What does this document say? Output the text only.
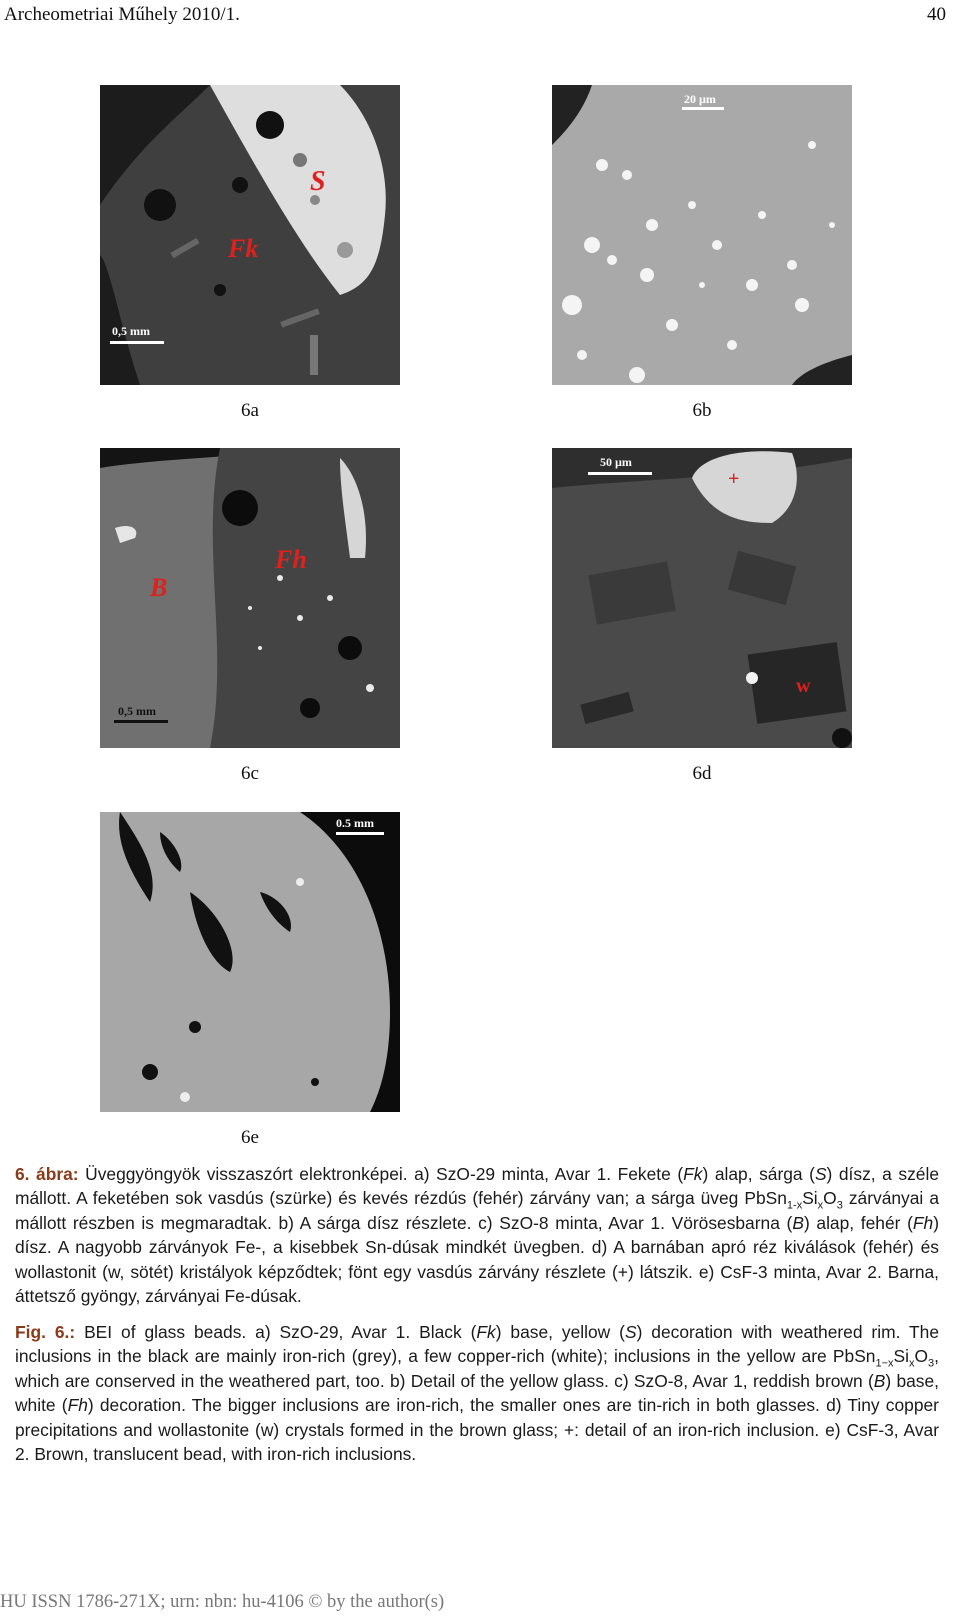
Archeometriai Műhely 2010/1.	40
S
Fk
0,5 mm
6a
20 µm
6b
B
Fh
0,5 mm
6c
+
w
50 µm
6d
0.5 mm
6e

6. ábra: Üveggyöngyök visszaszórt elektronképei. a) SzO-29 minta, Avar 1. Fekete (Fk) alap, sárga (S) dísz, a széle mállott. A feketében sok vasdús (szürke) és kevés rézdús (fehér) zárvány van; a sárga üveg $PbSn_{1-x}Si_xO_3$ zárványai a mállott részben is megmaradtak. b) A sárga dísz részlete. c) SzO-8 minta, Avar 1. Vörösesbarna (B) alap, fehér (Fh) dísz. A nagyobb zárványok Fe-, a kisebbek Sn-dúsak mindkét üvegben. d) A barnában apró réz kiválások (fehér) és wollastonit (w, sötét) kristályok képződtek; fönt egy vasdús zárvány részlete (+) látszik. e) CsF-3 minta, Avar 2. Barna, áttetsző gyöngy, zárványai Fe-dúsak.

Fig. 6.: BEI of glass beads. a) SzO-29, Avar 1. Black (Fk) base, yellow (S) decoration with weathered rim. The inclusions in the black are mainly iron-rich (grey), a few copper-rich (white); inclusions in the yellow are $PbSn_{1-x}Si_xO_3$, which are conserved in the weathered part, too. b) Detail of the yellow glass. c) SzO-8, Avar 1, reddish brown (B) base, white (Fh) decoration. The bigger inclusions are iron-rich, the smaller ones are tin-rich in both glasses. d) Tiny copper precipitations and wollastonite (w) crystals formed in the brown glass; +: detail of an iron-rich inclusion. e) CsF-3, Avar 2. Brown, translucent bead, with iron-rich inclusions.

HU ISSN 1786-271X; urn: nbn: hu-4106 © by the author(s)
